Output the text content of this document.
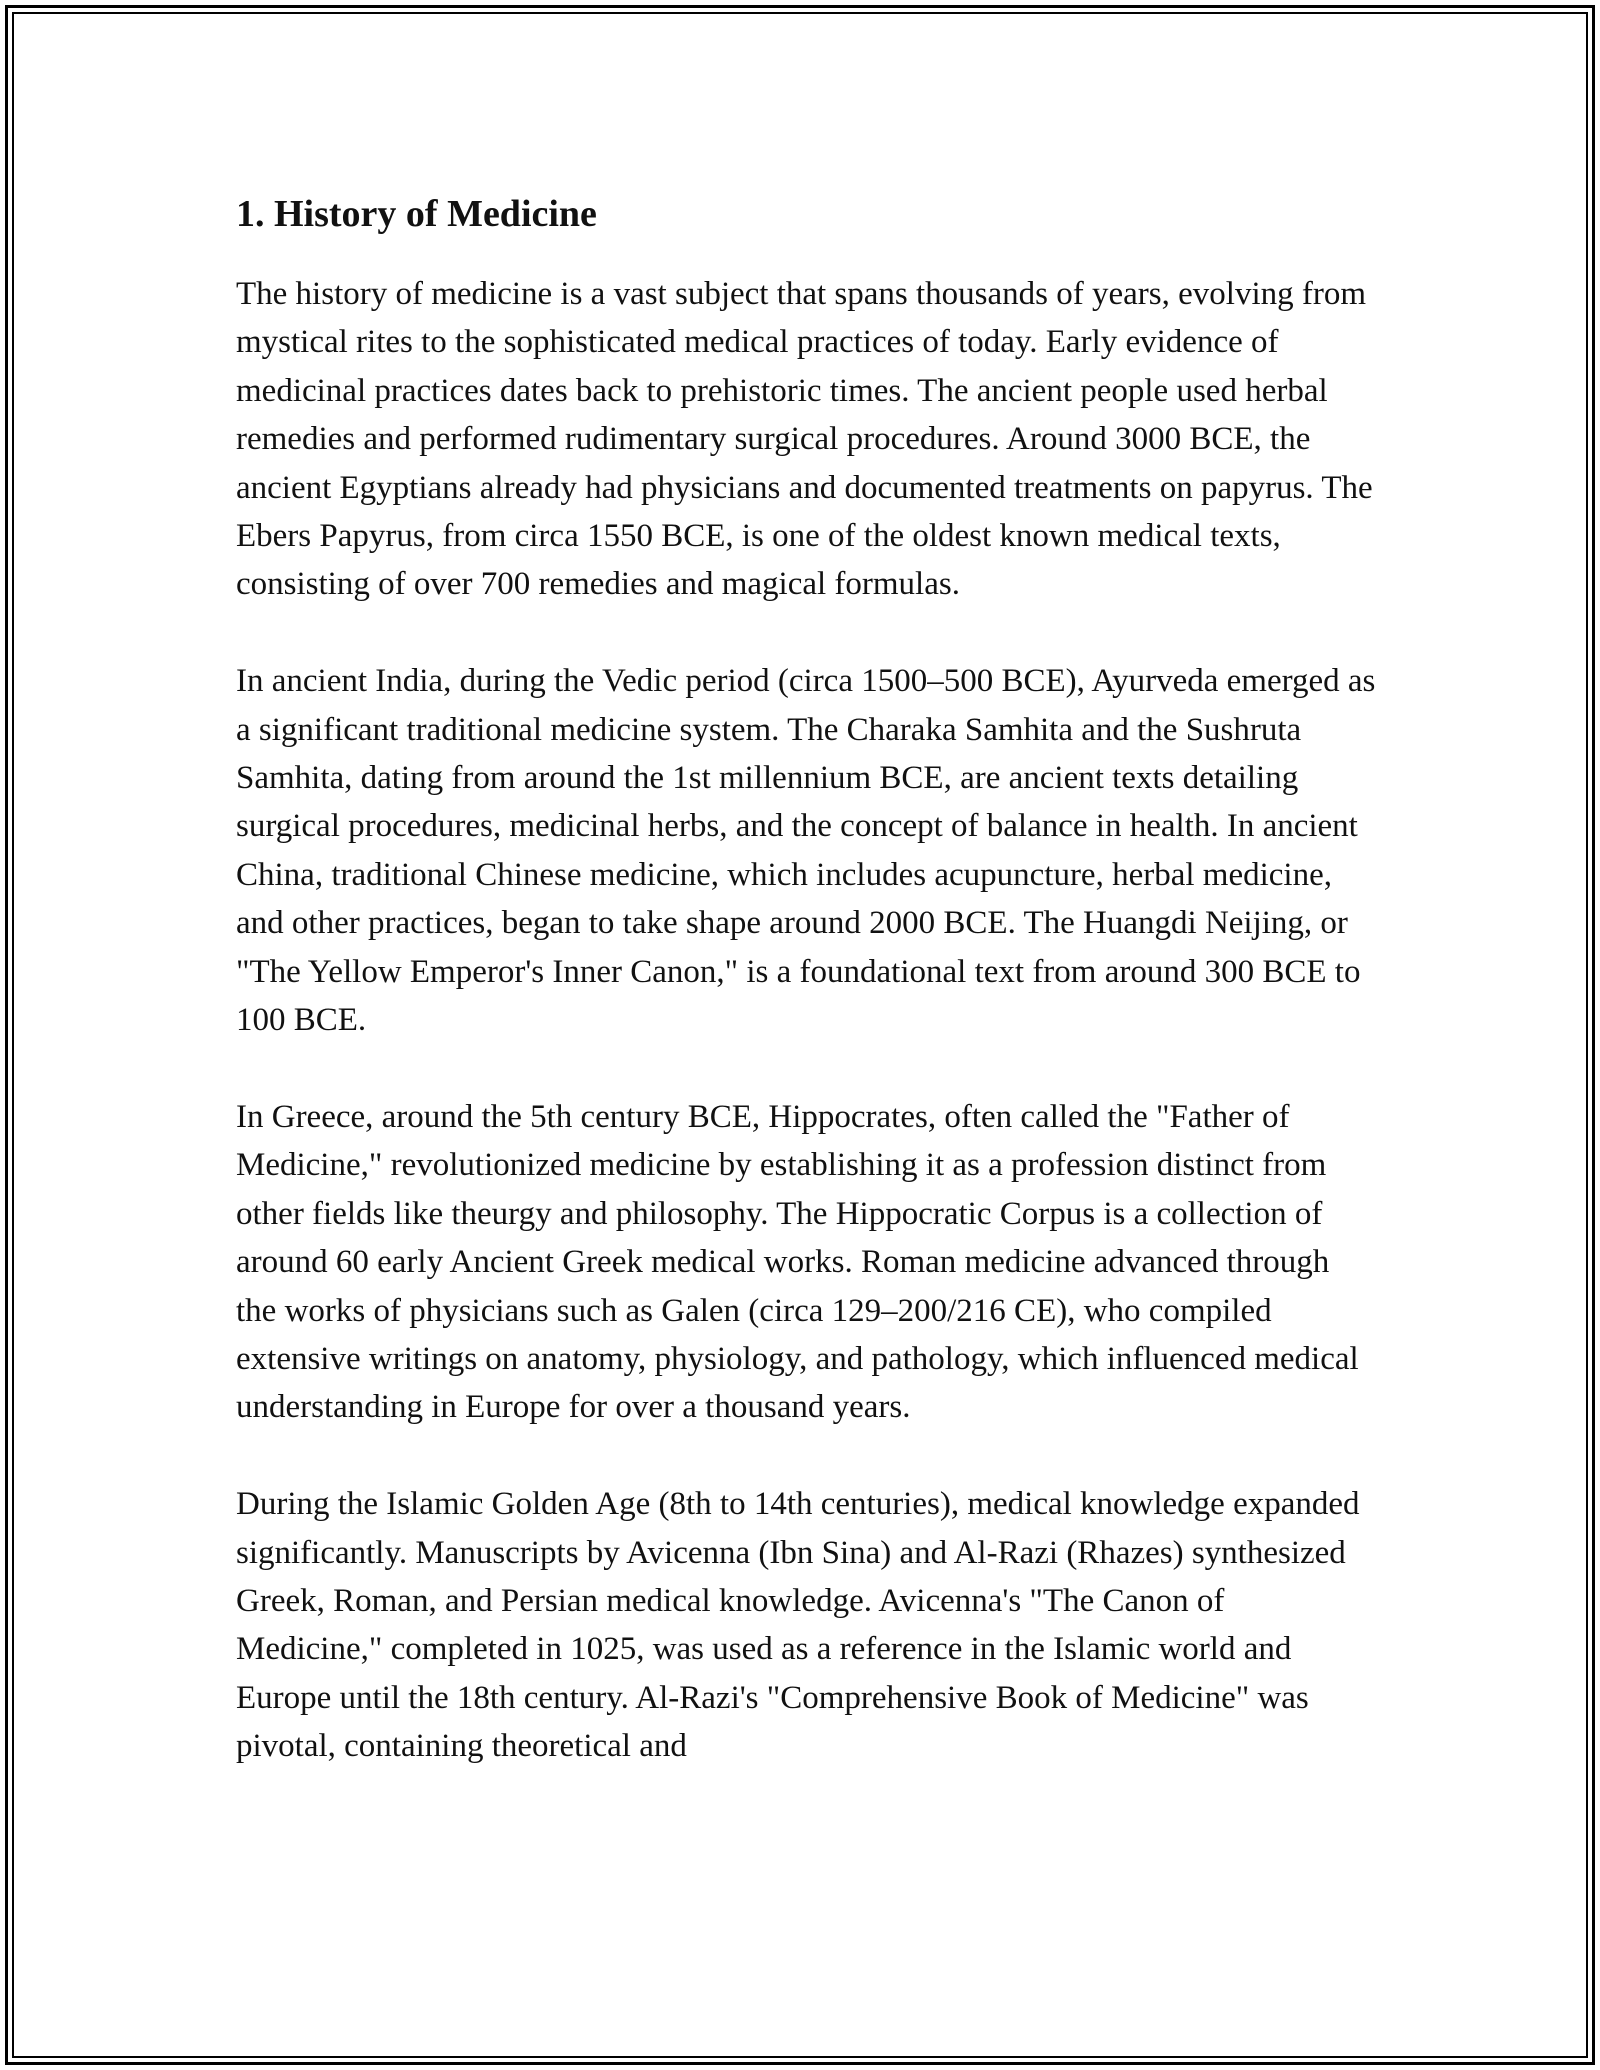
1. History of Medicine

The history of medicine is a vast subject that spans thousands of years, evolving from mystical rites to the sophisticated medical practices of today. Early evidence of medicinal practices dates back to prehistoric times. The ancient people used herbal remedies and performed rudimentary surgical procedures. Around 3000 BCE, the ancient Egyptians already had physicians and documented treatments on papyrus. The Ebers Papyrus, from circa 1550 BCE, is one of the oldest known medical texts, consisting of over 700 remedies and magical formulas.

In ancient India, during the Vedic period (circa 1500–500 BCE), Ayurveda emerged as a significant traditional medicine system. The Charaka Samhita and the Sushruta Samhita, dating from around the 1st millennium BCE, are ancient texts detailing surgical procedures, medicinal herbs, and the concept of balance in health. In ancient China, traditional Chinese medicine, which includes acupuncture, herbal medicine, and other practices, began to take shape around 2000 BCE. The Huangdi Neijing, or "The Yellow Emperor's Inner Canon," is a foundational text from around 300 BCE to 100 BCE.

In Greece, around the 5th century BCE, Hippocrates, often called the "Father of Medicine," revolutionized medicine by establishing it as a profession distinct from other fields like theurgy and philosophy. The Hippocratic Corpus is a collection of around 60 early Ancient Greek medical works. Roman medicine advanced through the works of physicians such as Galen (circa 129–200/216 CE), who compiled extensive writings on anatomy, physiology, and pathology, which influenced medical understanding in Europe for over a thousand years.

During the Islamic Golden Age (8th to 14th centuries), medical knowledge expanded significantly. Manuscripts by Avicenna (Ibn Sina) and Al-Razi (Rhazes) synthesized Greek, Roman, and Persian medical knowledge. Avicenna's "The Canon of Medicine," completed in 1025, was used as a reference in the Islamic world and Europe until the 18th century. Al-Razi's "Comprehensive Book of Medicine" was pivotal, containing theoretical and
